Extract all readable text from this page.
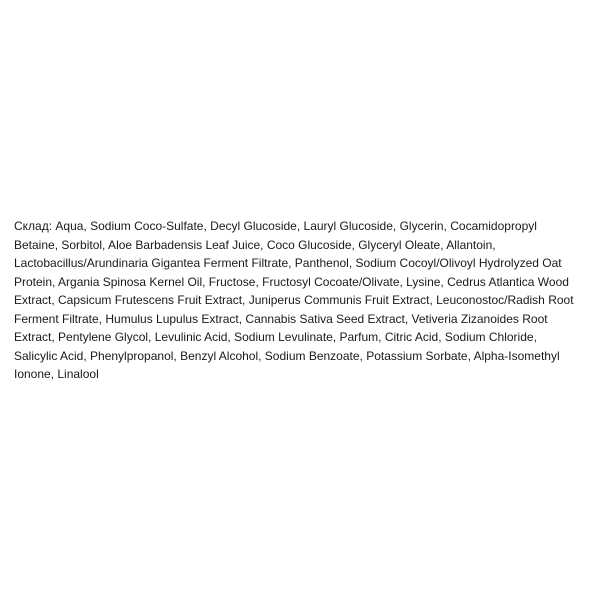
Склад: Aqua, Sodium Coco-Sulfate, Decyl Glucoside, Lauryl Glucoside, Glycerin, Cocamidopropyl
Betaine, Sorbitol, Aloe Barbadensis Leaf Juice, Coco Glucoside, Glyceryl Oleate, Allantoin,
Lactobacillus/Arundinaria Gigantea Ferment Filtrate, Panthenol, Sodium Cocoyl/Olivoyl Hydrolyzed Oat
Protein, Argania Spinosa Kernel Oil, Fructose, Fructosyl Cocoate/Olivate, Lysine, Cedrus Atlantica Wood
Extract, Capsicum Frutescens Fruit Extract, Juniperus Communis Fruit Extract, Leuconostoc/Radish Root
Ferment Filtrate, Humulus Lupulus Extract, Cannabis Sativa Seed Extract, Vetiveria Zizanoides Root
Extract, Pentylene Glycol, Levulinic Acid, Sodium Levulinate, Parfum, Citric Acid, Sodium Chloride,
Salicylic Acid, Phenylpropanol, Benzyl Alcohol, Sodium Benzoate, Potassium Sorbate, Alpha-Isomethyl
Ionone, Linalool
